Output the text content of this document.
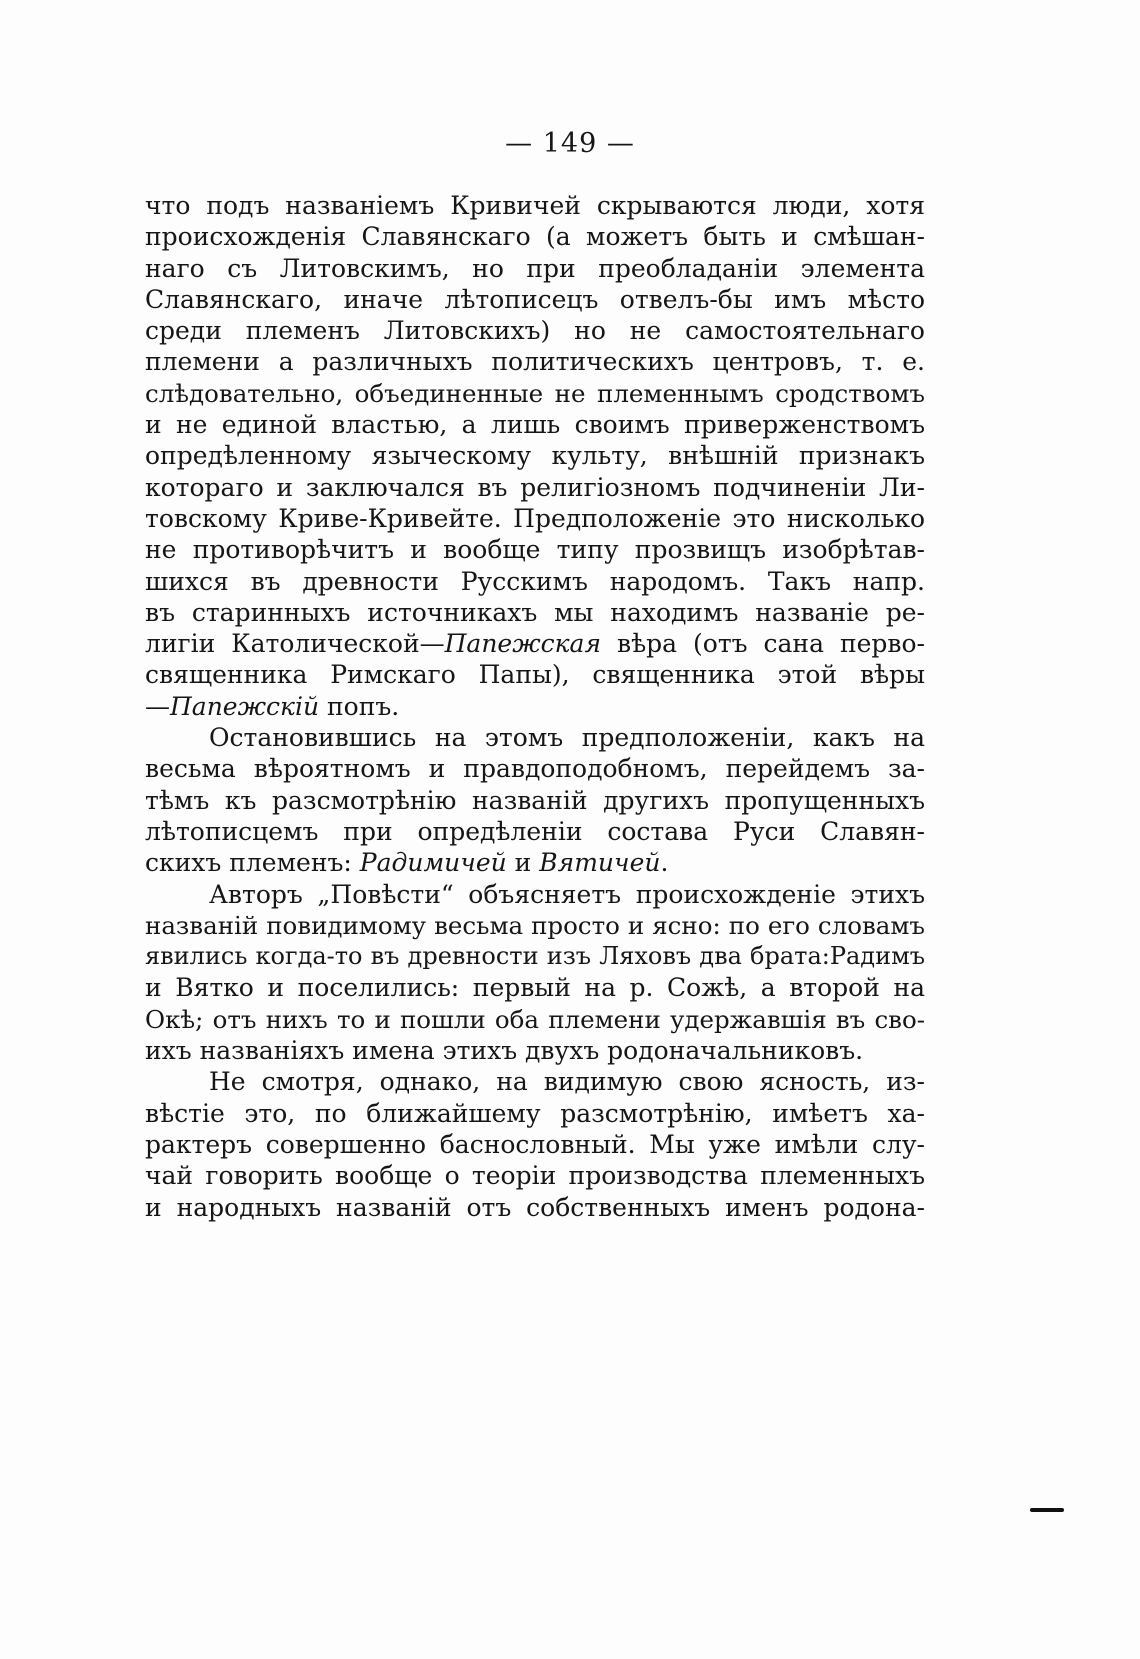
— 149 —
что подъ названіемъ Кривичей скрываются люди, хотя
происхожденія Славянскаго (а можетъ быть и смѣшан-
наго съ Литовскимъ, но при преобладаніи элемента
Славянскаго, иначе лѣтописецъ отвелъ-бы имъ мѣсто
среди племенъ Литовскихъ) но не самостоятельнаго
племени а различныхъ политическихъ центровъ, т. е.
слѣдовательно, объединенные не племеннымъ сродствомъ
и не единой властью, а лишь своимъ приверженствомъ
опредѣленному языческому культу, внѣшній признакъ
котораго и заключался въ религіозномъ подчиненіи Ли-
товскому Криве-Кривейте. Предположеніе это нисколько
не противорѣчитъ и вообще типу прозвищъ изобрѣтав-
шихся въ древности Русскимъ народомъ. Такъ напр.
въ старинныхъ источникахъ мы находимъ названіе ре-
лигіи Католической—Папежская вѣра (отъ сана перво-
священника Римскаго Папы), священника этой вѣры
—Папежскій попъ.
Остановившись на этомъ предположеніи, какъ на
весьма вѣроятномъ и правдоподобномъ, перейдемъ за-
тѣмъ къ разсмотрѣнію названій другихъ пропущенныхъ
лѣтописцемъ при опредѣленіи состава Руси Славян-
скихъ племенъ: Радимичей и Вятичей.
Авторъ „Повѣсти“ объясняетъ происхожденіе этихъ
названій повидимому весьма просто и ясно: по его словамъ
явились когда-то въ древности изъ Ляховъ два брата:Радимъ
и Вятко и поселились: первый на р. Сожѣ, а второй на
Окѣ; отъ нихъ то и пошли оба племени удержавшія въ сво-
ихъ названіяхъ имена этихъ двухъ родоначальниковъ.
Не смотря, однако, на видимую свою ясность, из-
вѣстіе это, по ближайшему разсмотрѣнію, имѣетъ ха-
рактеръ совершенно баснословный. Мы уже имѣли слу-
чай говорить вообще о теоріи производства племенныхъ
и народныхъ названій отъ собственныхъ именъ родона-
